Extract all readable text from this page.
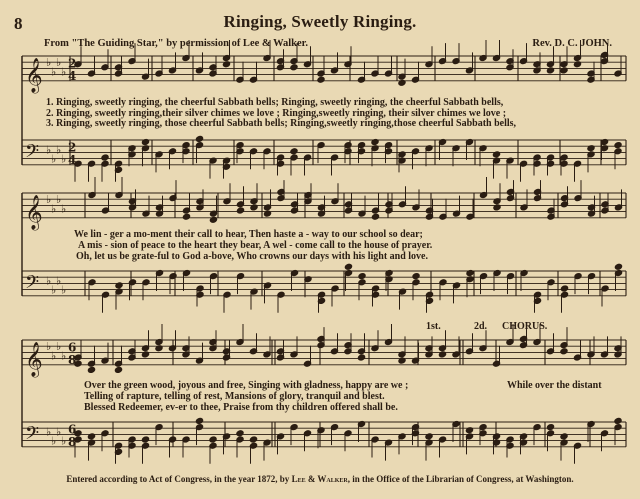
8	Ringing, Sweetly Ringing.
From "The Guiding Star," by permission of Lee & Walker.	Rev. D. C. JOHN.
𝄞
𝄢
♭
♭
♭
♭
♭
♭
♭
♭
2
4
2
4
𝄞
𝄢
♭
♭
♭
♭
♭
♭
♭
♭
𝄞
𝄢
♭
♭
♭
♭
♭
♭
♭
♭
6
8
6
8
1. Ringing, sweetly ringing, the cheerful Sabbath bells; Ringing, sweetly ringing, the cheerful Sabbath bells,
2. Ringing, sweetly ringing,their silver chimes we love ; Ringing,sweetly ringing, their silver chimes we love ;
3. Ringing, sweetly ringing, those cheerful Sabbath bells; Ringing,sweetly ringing,those cheerful Sabbath bells,
We lin - ger a mo-ment their call to hear, Then haste a - way to our school so dear;
A mis - sion of peace to the heart they bear, A wel - come call to the house of prayer.
Oh, let us be grate-ful to God a-bove, Who crowns our days with his light and love.
1st.	2d. CHORUS.
Over the green wood, joyous and free, Singing with gladness, happy are we ;
Telling of rapture, telling of rest, Mansions of glory, tranquil and blest.
Blessed Redeemer, ev-er to thee, Praise from thy children offered shall be.
While over the distant
Entered according to Act of Congress, in the year 1872, by Lee & Walker, in the Office of the Librarian of Congress, at Washington.
